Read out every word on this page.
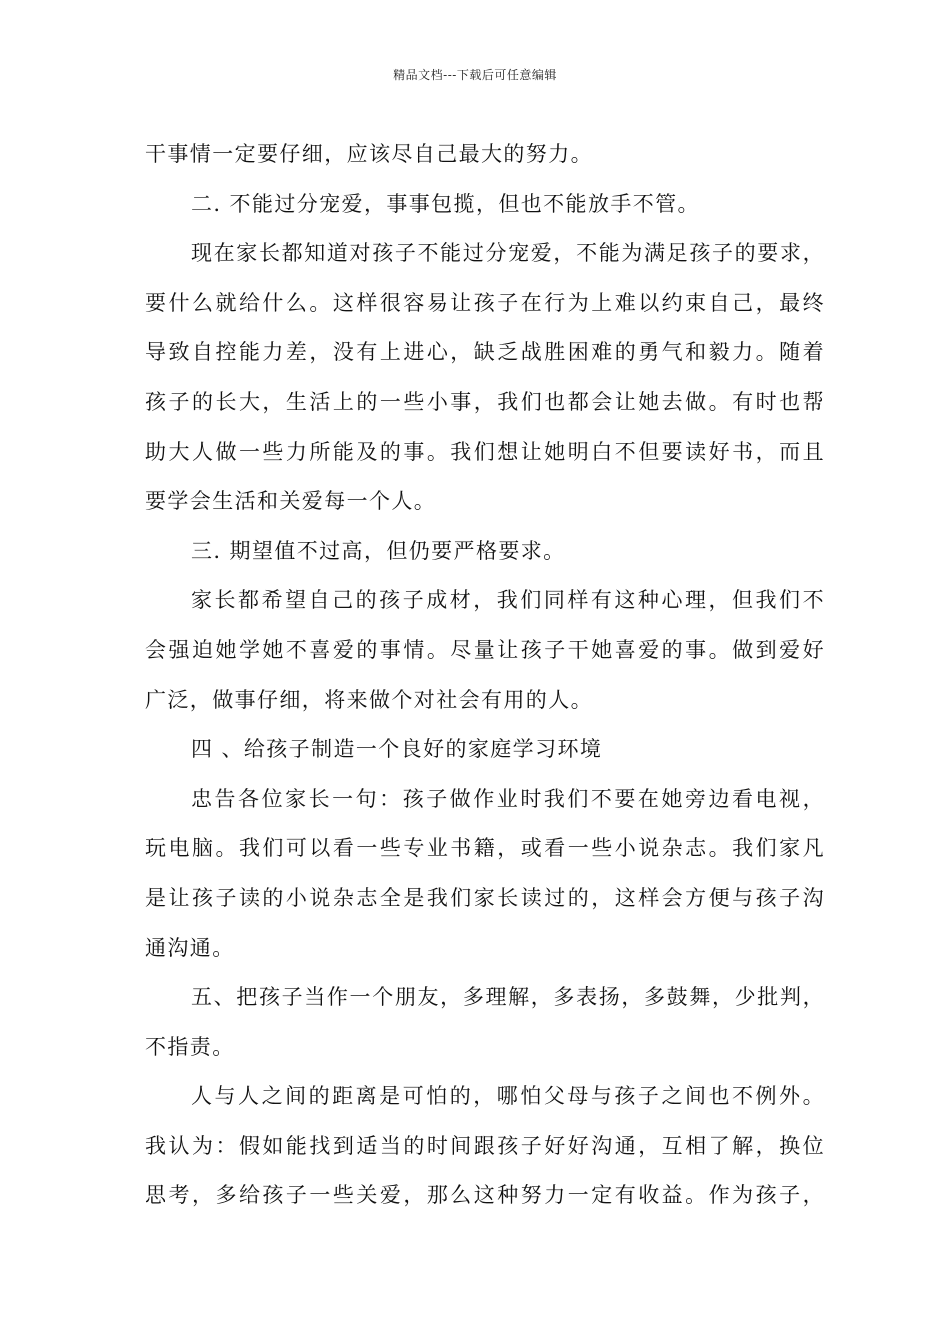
精品文档---下载后可任意编辑
干事情一定要仔细，应该尽自己最大的努力。
二. 不能过分宠爱，事事包揽，但也不能放手不管。
现在家长都知道对孩子不能过分宠爱，不能为满足孩子的要求，
要什么就给什么。这样很容易让孩子在行为上难以约束自己，最终
导致自控能力差，没有上进心，缺乏战胜困难的勇气和毅力。随着
孩子的长大，生活上的一些小事，我们也都会让她去做。有时也帮
助大人做一些力所能及的事。我们想让她明白不但要读好书，而且
要学会生活和关爱每一个人。
三. 期望值不过高，但仍要严格要求。
家长都希望自己的孩子成材，我们同样有这种心理，但我们不
会强迫她学她不喜爱的事情。尽量让孩子干她喜爱的事。做到爱好
广泛，做事仔细，将来做个对社会有用的人。
四 、给孩子制造一个良好的家庭学习环境
忠告各位家长一句：孩子做作业时我们不要在她旁边看电视，
玩电脑。我们可以看一些专业书籍，或看一些小说杂志。我们家凡
是让孩子读的小说杂志全是我们家长读过的，这样会方便与孩子沟
通沟通。
五、把孩子当作一个朋友，多理解，多表扬，多鼓舞，少批判，
不指责。
人与人之间的距离是可怕的，哪怕父母与孩子之间也不例外。
我认为：假如能找到适当的时间跟孩子好好沟通，互相了解，换位
思考，多给孩子一些关爱，那么这种努力一定有收益。作为孩子，
